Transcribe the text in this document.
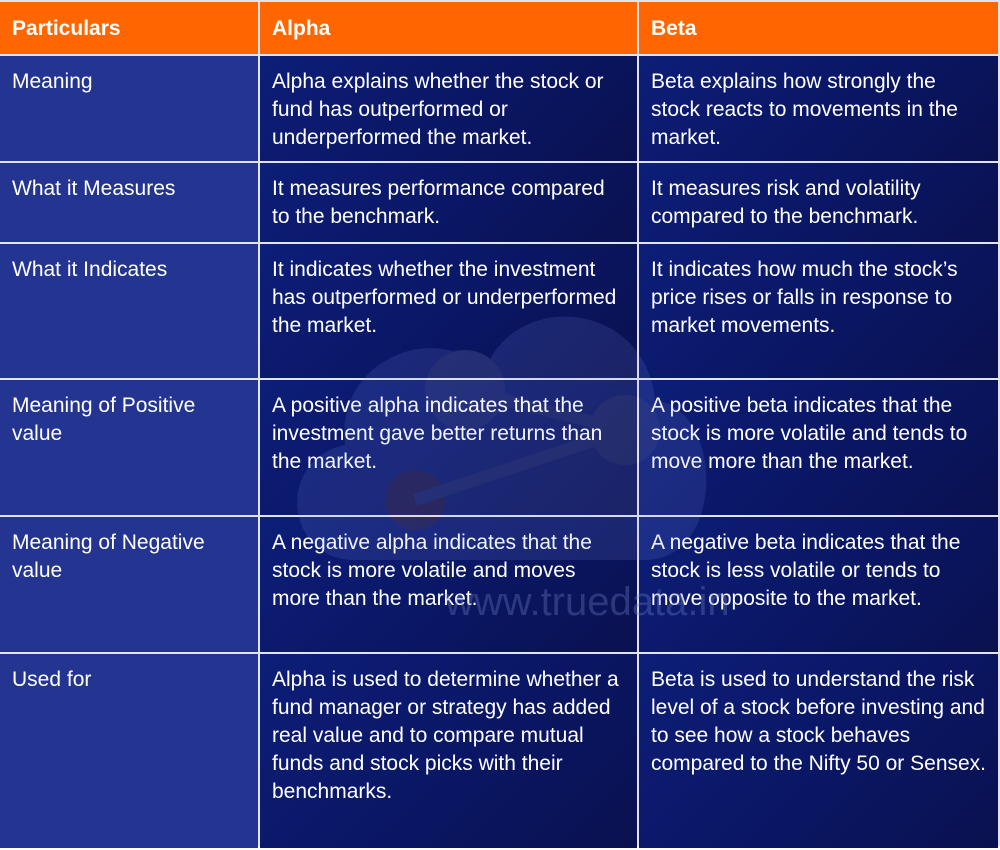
Particulars	Alpha	Beta
Meaning	Alpha explains whether the stock or fund has outperformed or underperformed the market.	Beta explains how strongly the stock reacts to movements in the market.
What it Measures	It measures performance compared to the benchmark.	It measures risk and volatility compared to the benchmark.
What it Indicates	It indicates whether the investment has outperformed or underperformed the market.	It indicates how much the stock’s price rises or falls in response to market movements.
Meaning of Positive value	A positive alpha indicates that the investment gave better returns than the market.	A positive beta indicates that the stock is more volatile and tends to move more than the market.
Meaning of Negative value	A negative alpha indicates that the stock is more volatile and moves more than the market.	A negative beta indicates that the stock is less volatile or tends to move opposite to the market.
Used for	Alpha is used to determine whether a fund manager or strategy has added real value and to compare mutual funds and stock picks with their benchmarks.	Beta is used to understand the risk level of a stock before investing and to see how a stock behaves compared to the Nifty 50 or Sensex.
www.truedata.in
